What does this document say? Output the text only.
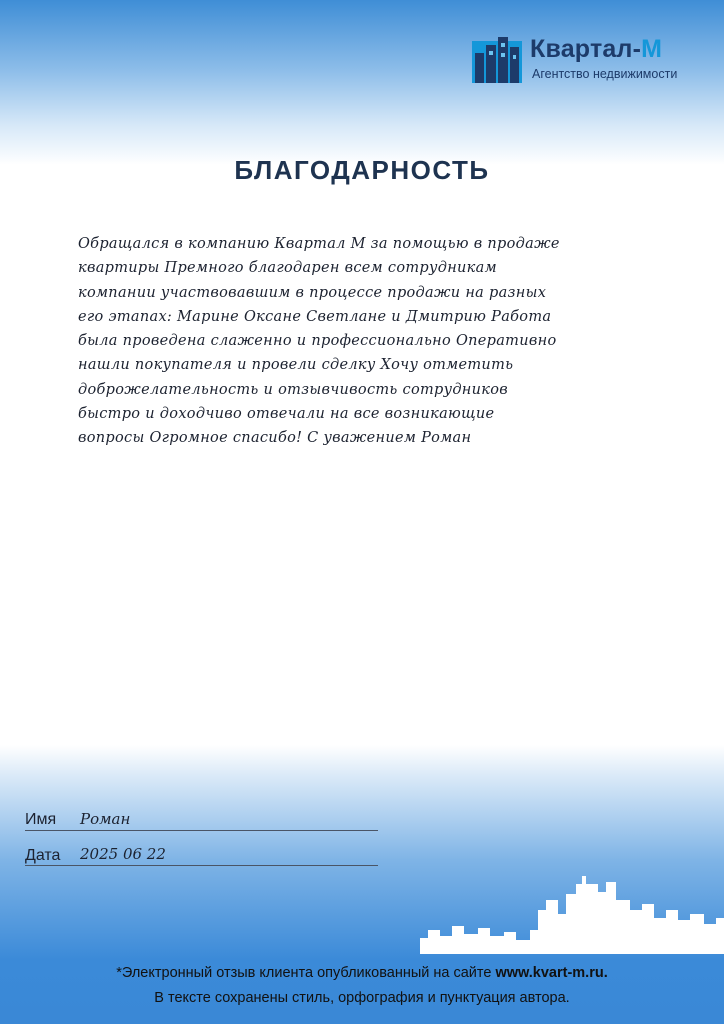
Квартал-М
Агентство недвижимости
БЛАГОДАРНОСТЬ
Обращался в компанию Квартал М за помощью в продаже
квартиры Премного благодарен всем сотрудникам
компании участвовавшим в процессе продажи на разных
его этапах: Марине Оксане Светлане и Дмитрию Работа
была проведена слаженно и профессионально Оперативно
нашли покупателя и провели сделку Хочу отметить
доброжелательность и отзывчивость сотрудников
быстро и доходчиво отвечали на все возникающие
вопросы Огромное спасибо! С уважением Роман
Имя Роман
Дата 2025 06 22
*Электронный отзыв клиента опубликованный на сайте www.kvart-m.ru.
В тексте сохранены стиль, орфография и пунктуация автора.
